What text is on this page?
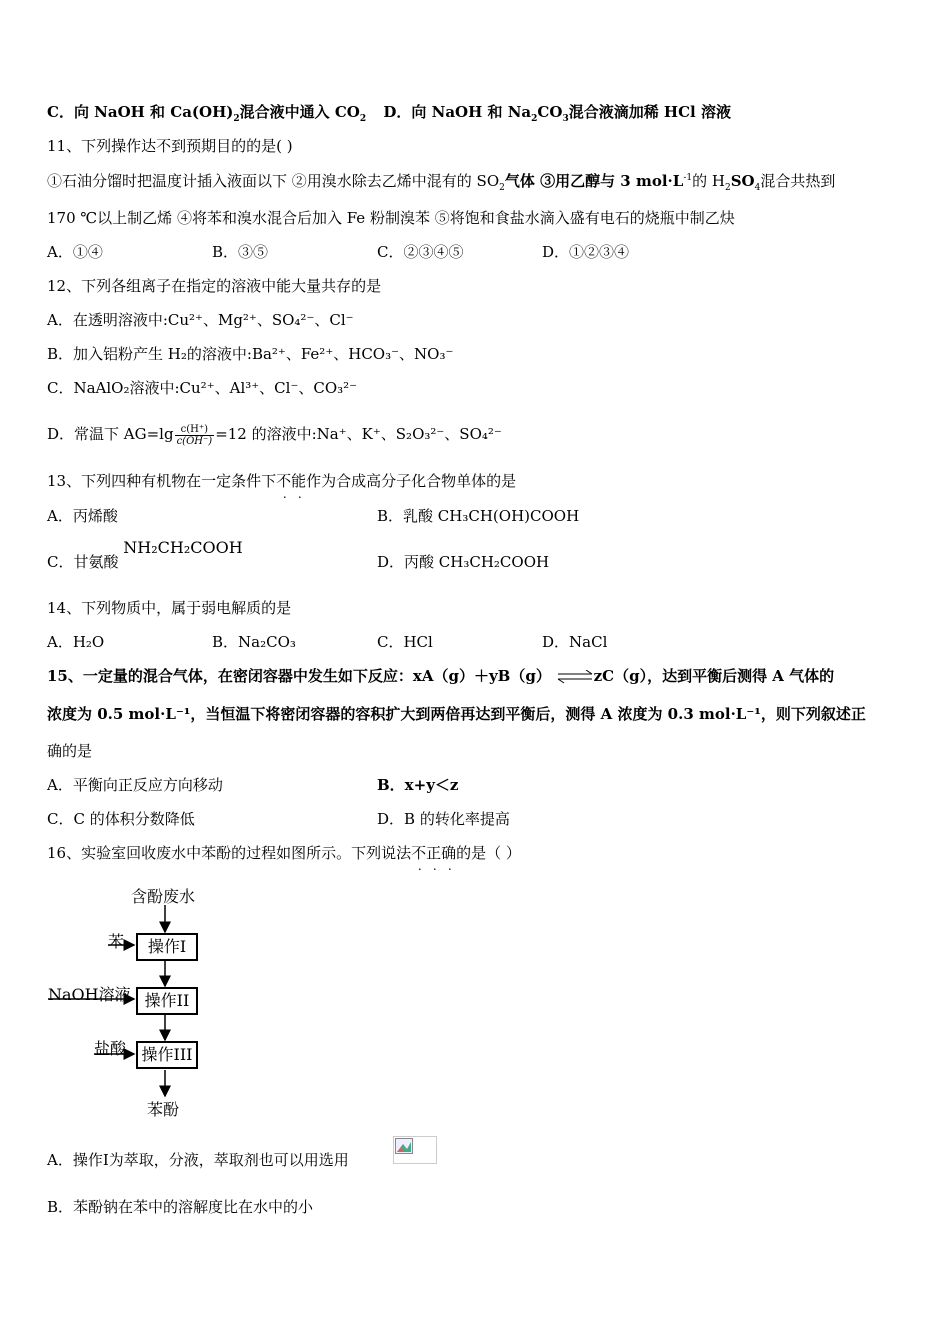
C．向 NaOH 和 $Ca(OH)_2$混合液中通入 $CO_2$ D．向 NaOH 和 $Na_2CO_3$混合液滴加稀 HCl 溶液
11、下列操作达不到预期目的的是( )
①石油分馏时把温度计插入液面以下 ②用溴水除去乙烯中混有的 $SO_2$气体 ③用乙醇与 3 $mol\cdot L^{-1}$的 $H_2SO_4$混合共热到
170 ℃以上制乙烯 ④将苯和溴水混合后加入 Fe 粉制溴苯 ⑤将饱和食盐水滴入盛有电石的烧瓶中制乙炔
A．①④	B．③⑤	C．②③④⑤	D．①②③④
12、下列各组离子在指定的溶液中能大量共存的是
A．在透明溶液中:Cu²⁺、Mg²⁺、SO₄²⁻、Cl⁻
B．加入铝粉产生 H₂的溶液中:Ba²⁺、Fe²⁺、HCO₃⁻、NO₃⁻
C．NaAlO₂溶液中:Cu²⁺、Al³⁺、Cl⁻、CO₃²⁻
D．常温下 $AG=\lg \frac{c(H^+)}{c(OH^-)} =12$ 的溶液中:Na⁺、K⁺、S₂O₃²⁻、SO₄²⁻
13、下列四种有机物在一定条件下不能作为合成高分子化合物单体的是
A．丙烯酸	B．乳酸 CH₃CH(OH)COOH
C．甘氨酸 NH₂CH₂COOH
D．丙酸 CH₃CH₂COOH
14、下列物质中，属于弱电解质的是
A．H₂O	B．Na₂CO₃	C．HCl	D．NaCl
15、一定量的混合气体，在密闭容器中发生如下反应：xA（g）＋yB（g） ⇌zC（g），达到平衡后测得 A 气体的
浓度为 0.5 mol·L⁻¹，当恒温下将密闭容器的容积扩大到两倍再达到平衡后，测得 A 浓度为 0.3 mol·L⁻¹，则下列叙述正
确的是
A．平衡向正反应方向移动	B．x+y＜z
C．C 的体积分数降低	D．B 的转化率提高
16、实验室回收废水中苯酚的过程如图所示。下列说法不正确的是（ ）
含酚废水
苯	操作I
NaOH溶液 操作II
盐酸 操作III
苯酚
A．操作Ⅰ为萃取，分液，萃取剂也可以用选用
B．苯酚钠在苯中的溶解度比在水中的小
